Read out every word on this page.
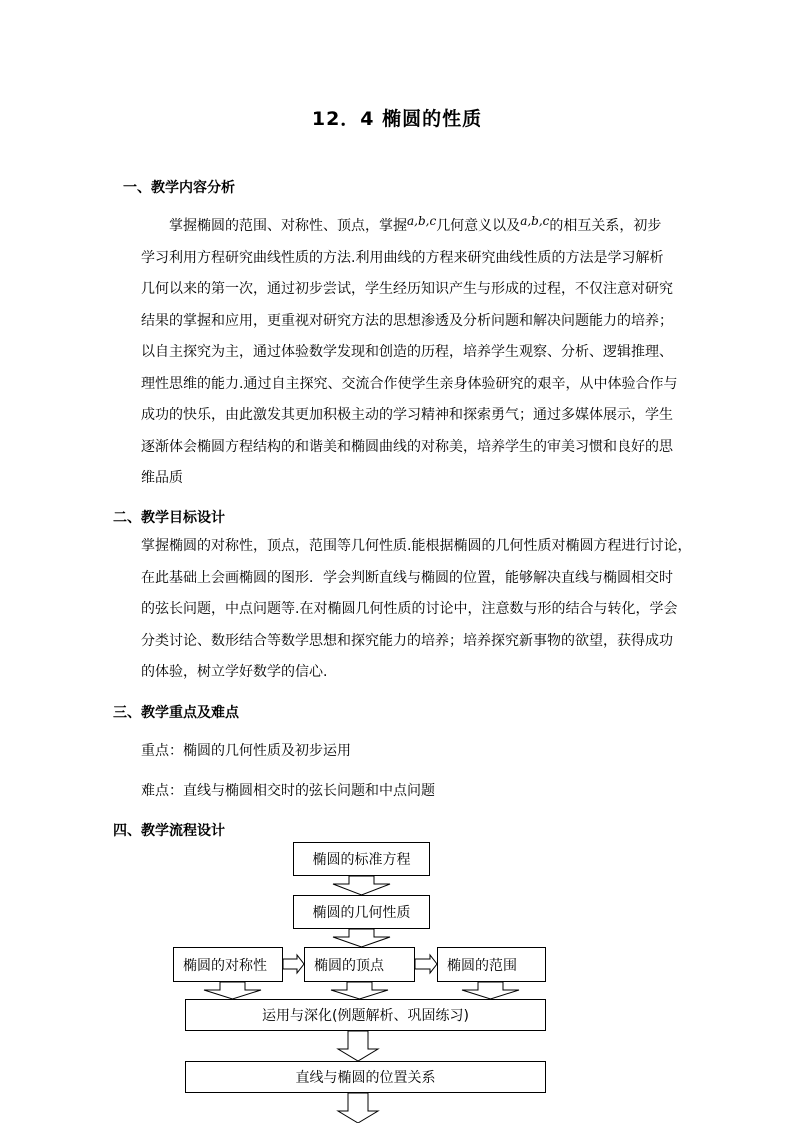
12．4 椭圆的性质
一、教学内容分析
　　掌握椭圆的范围、对称性、顶点，掌握a,b,c几何意义以及a,b,c的相互关系，初步
学习利用方程研究曲线性质的方法.利用曲线的方程来研究曲线性质的方法是学习解析
几何以来的第一次，通过初步尝试，学生经历知识产生与形成的过程，不仅注意对研究
结果的掌握和应用，更重视对研究方法的思想渗透及分析问题和解决问题能力的培养；
以自主探究为主，通过体验数学发现和创造的历程，培养学生观察、分析、逻辑推理、
理性思维的能力.通过自主探究、交流合作使学生亲身体验研究的艰辛，从中体验合作与
成功的快乐，由此激发其更加积极主动的学习精神和探索勇气；通过多媒体展示，学生
逐渐体会椭圆方程结构的和谐美和椭圆曲线的对称美，培养学生的审美习惯和良好的思
维品质
二、教学目标设计
掌握椭圆的对称性，顶点，范围等几何性质.能根据椭圆的几何性质对椭圆方程进行讨论，
在此基础上会画椭圆的图形．学会判断直线与椭圆的位置，能够解决直线与椭圆相交时
的弦长问题，中点问题等.在对椭圆几何性质的讨论中，注意数与形的结合与转化，学会
分类讨论、数形结合等数学思想和探究能力的培养；培养探究新事物的欲望，获得成功
的体验，树立学好数学的信心.
三、教学重点及难点
重点：椭圆的几何性质及初步运用
难点：直线与椭圆相交时的弦长问题和中点问题
四、教学流程设计
椭圆的标准方程
椭圆的几何性质
椭圆的对称性	椭圆的顶点	椭圆的范围
运用与深化(例题解析、巩固练习)
直线与椭圆的位置关系
